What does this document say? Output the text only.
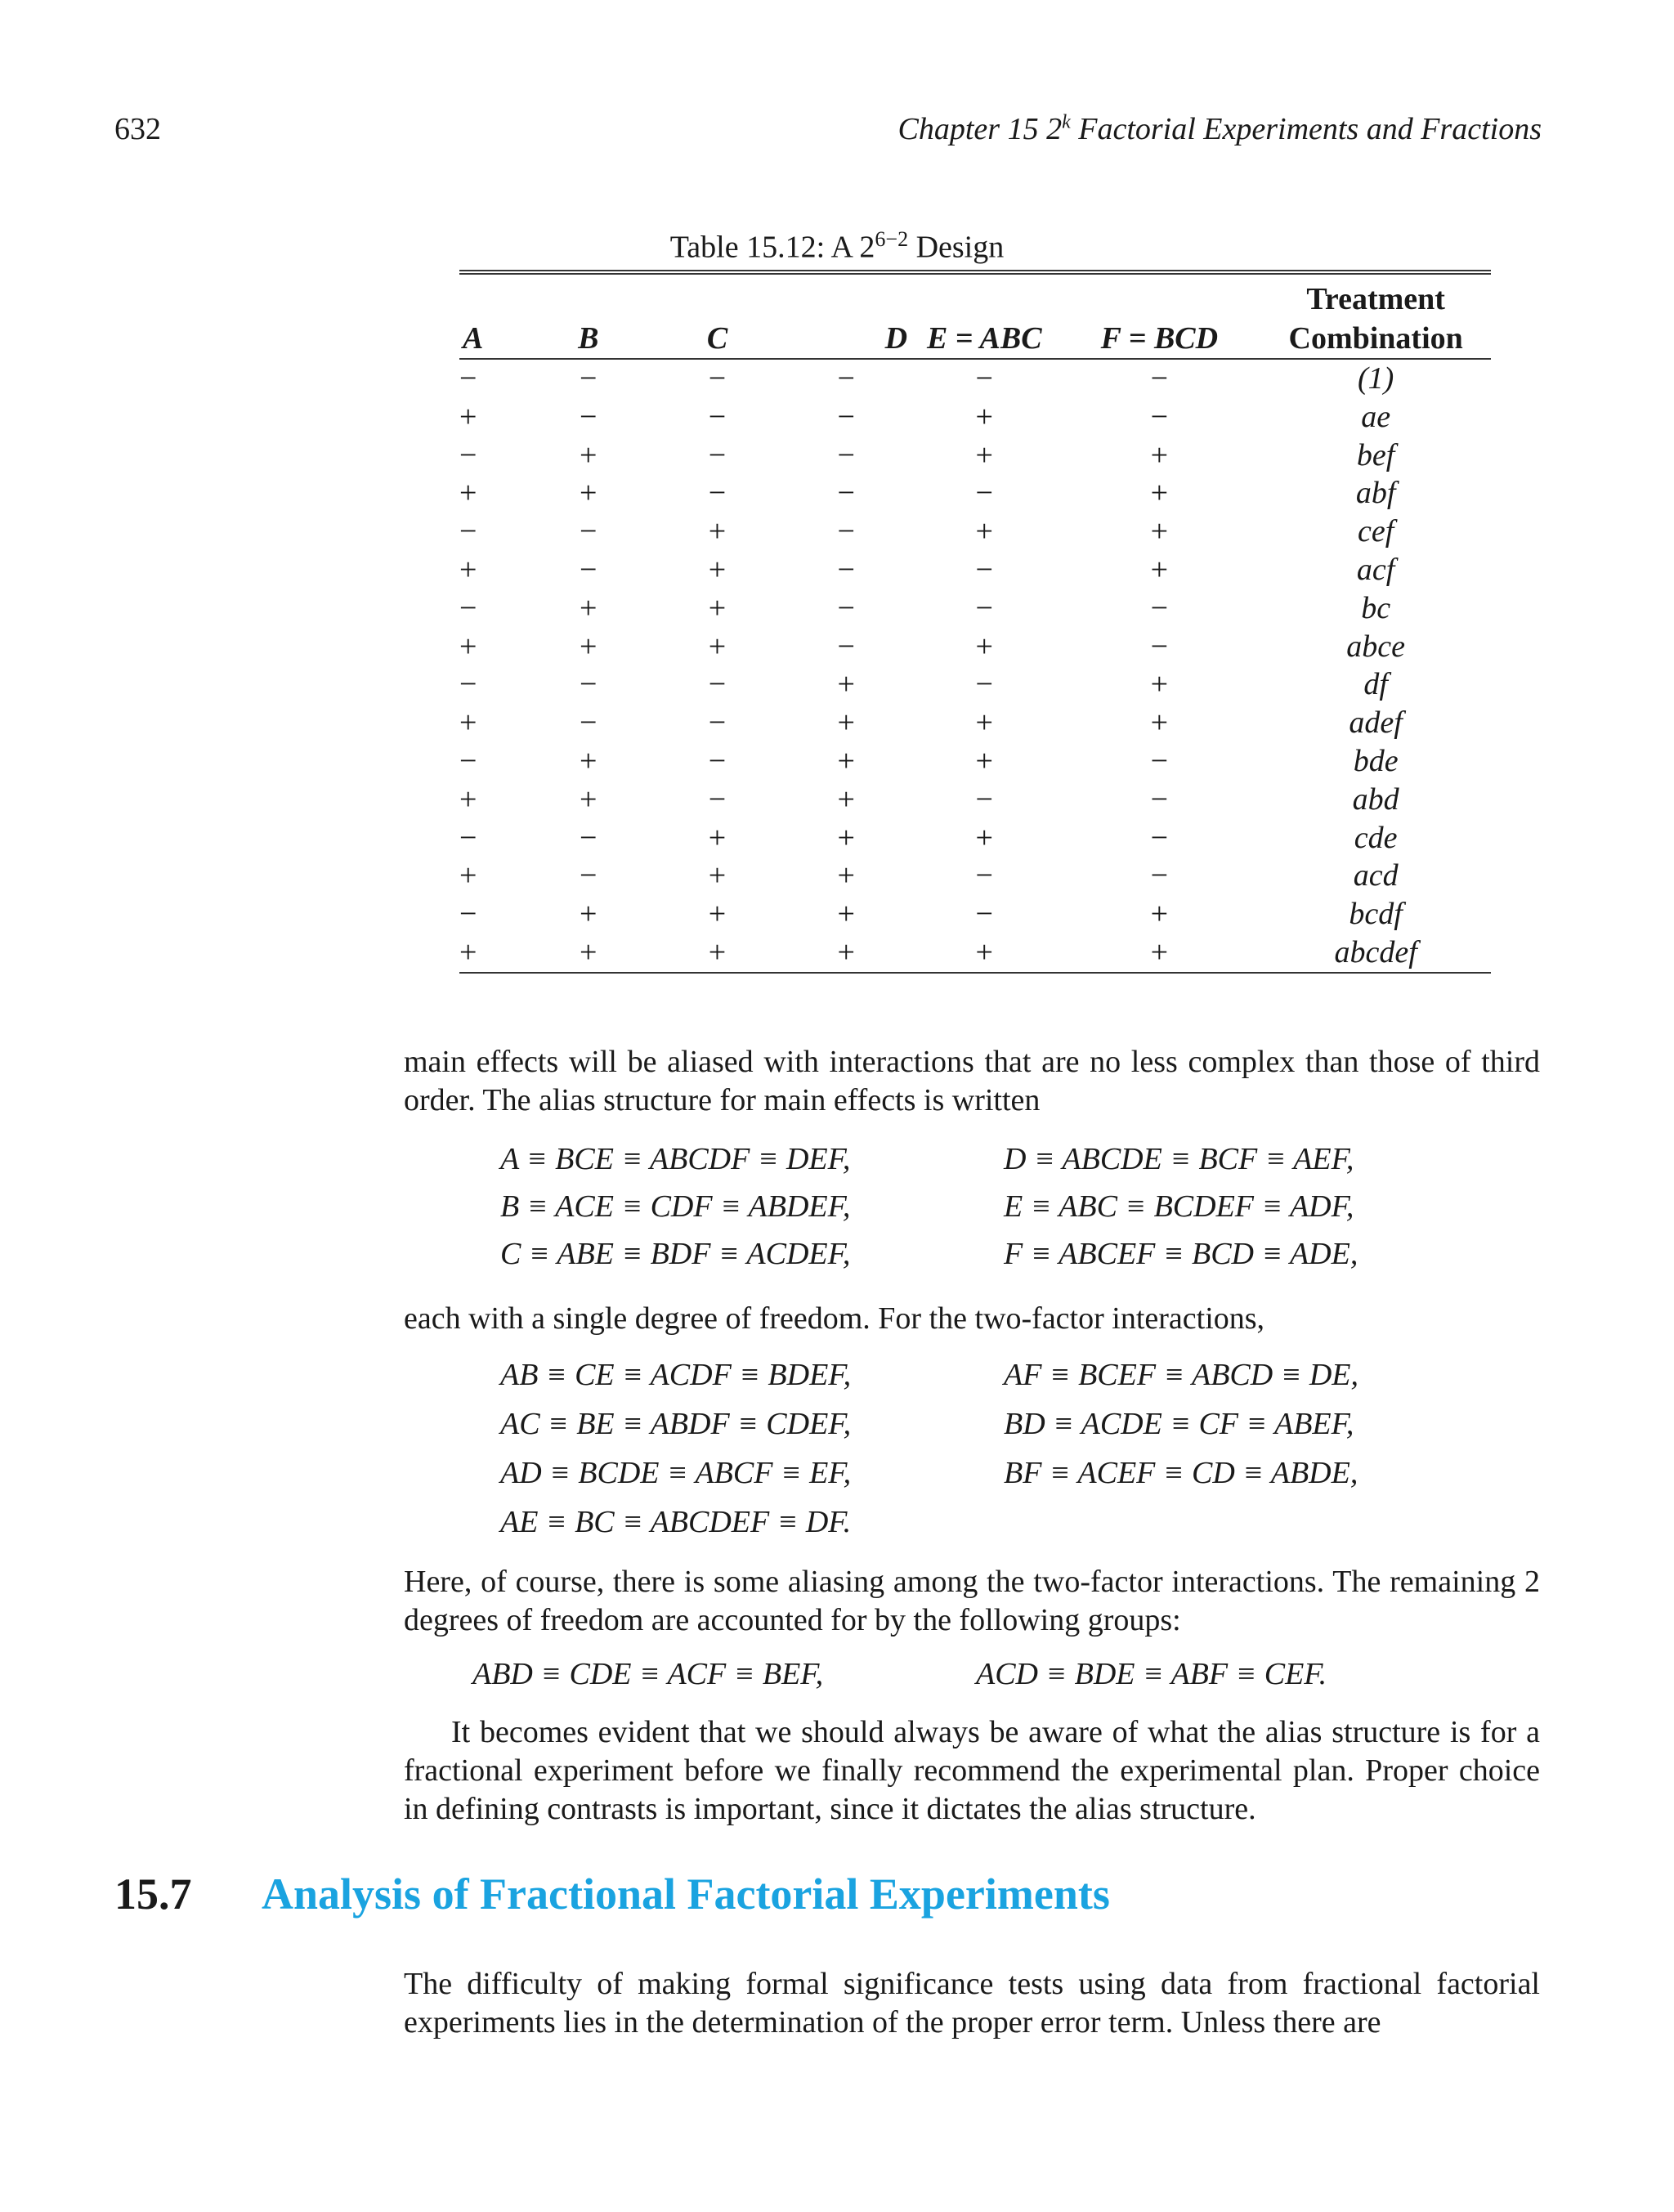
632	Chapter 15 2$^k$ Factorial Experiments and Fractions
Table 15.12: A $2^{6-2}$ Design
						Treatment
A	B	C	D	E = ABC	F = BCD	Combination
−	−	−	−	−	−	(1)
+	−	−	−	+	−	ae
−	+	−	−	+	+	bef
+	+	−	−	−	+	abf
−	−	+	−	+	+	cef
+	−	+	−	−	+	acf
−	+	+	−	−	−	bc
+	+	+	−	+	−	abce
−	−	−	+	−	+	df
+	−	−	+	+	+	adef
−	+	−	+	+	−	bde
+	+	−	+	−	−	abd
−	−	+	+	+	−	cde
+	−	+	+	−	−	acd
−	+	+	+	−	+	bcdf
+	+	+	+	+	+	abcdef
main effects will be aliased with interactions that are no less complex than those of third order. The alias structure for main effects is written
A ≡ BCE ≡ ABCDF ≡ DEF,	D ≡ ABCDE ≡ BCF ≡ AEF,
B ≡ ACE ≡ CDF ≡ ABDEF,	E ≡ ABC ≡ BCDEF ≡ ADF,
C ≡ ABE ≡ BDF ≡ ACDEF,	F ≡ ABCEF ≡ BCD ≡ ADE,
each with a single degree of freedom. For the two-factor interactions,
AB ≡ CE ≡ ACDF ≡ BDEF,	AF ≡ BCEF ≡ ABCD ≡ DE,
AC ≡ BE ≡ ABDF ≡ CDEF,	BD ≡ ACDE ≡ CF ≡ ABEF,
AD ≡ BCDE ≡ ABCF ≡ EF,	BF ≡ ACEF ≡ CD ≡ ABDE,
AE ≡ BC ≡ ABCDEF ≡ DF.
Here, of course, there is some aliasing among the two-factor interactions. The remaining 2 degrees of freedom are accounted for by the following groups:
ABD ≡ CDE ≡ ACF ≡ BEF,	ACD ≡ BDE ≡ ABF ≡ CEF.
It becomes evident that we should always be aware of what the alias structure is for a fractional experiment before we finally recommend the experimental plan. Proper choice in defining contrasts is important, since it dictates the alias structure.
15.7 Analysis of Fractional Factorial Experiments
The difficulty of making formal significance tests using data from fractional factorial experiments lies in the determination of the proper error term. Unless there are
